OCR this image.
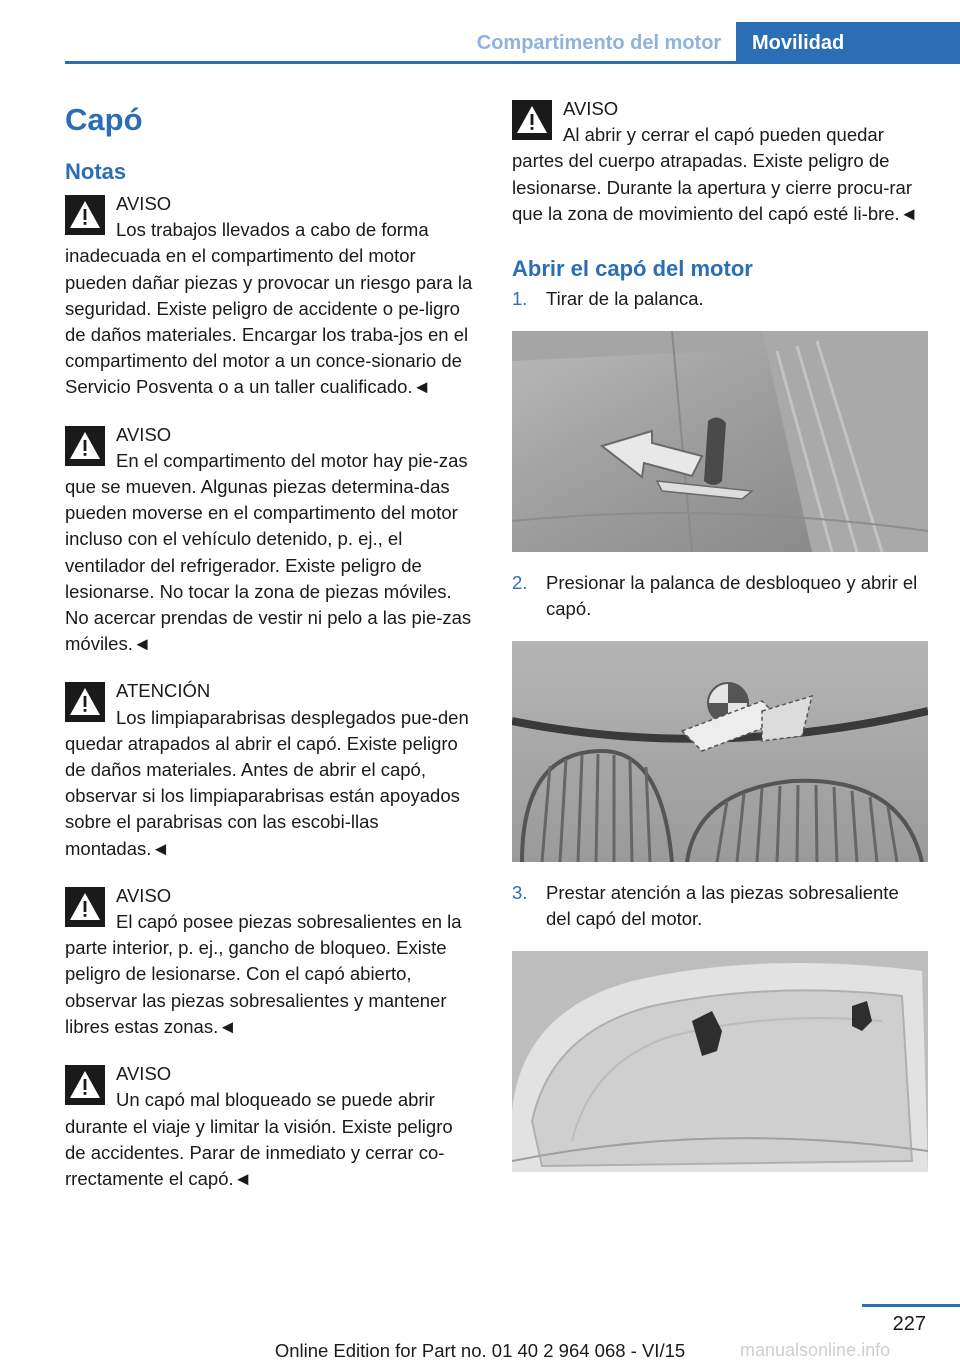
Compartimento del motor	Movilidad
Capó
Notas
AVISO
Los trabajos llevados a cabo de forma inadecuada en el compartimento del motor pueden dañar piezas y provocar un riesgo para la seguridad. Existe peligro de accidente o pe-ligro de daños materiales. Encargar los traba-jos en el compartimento del motor a un conce-sionario de Servicio Posventa o a un taller cualificado.◄
AVISO
En el compartimento del motor hay pie-zas que se mueven. Algunas piezas determina-das pueden moverse en el compartimento del motor incluso con el vehículo detenido, p. ej., el ventilador del refrigerador. Existe peligro de lesionarse. No tocar la zona de piezas móviles. No acercar prendas de vestir ni pelo a las pie-zas móviles.◄
ATENCIÓN
Los limpiaparabrisas desplegados pue-den quedar atrapados al abrir el capó. Existe peligro de daños materiales. Antes de abrir el capó, observar si los limpiaparabrisas están apoyados sobre el parabrisas con las escobi-llas montadas.◄
AVISO
El capó posee piezas sobresalientes en la parte interior, p. ej., gancho de bloqueo. Existe peligro de lesionarse. Con el capó abierto, observar las piezas sobresalientes y mantener libres estas zonas.◄
AVISO
Un capó mal bloqueado se puede abrir durante el viaje y limitar la visión. Existe peligro de accidentes. Parar de inmediato y cerrar co-rrectamente el capó.◄
AVISO
Al abrir y cerrar el capó pueden quedar partes del cuerpo atrapadas. Existe peligro de lesionarse. Durante la apertura y cierre procu-rar que la zona de movimiento del capó esté li-bre.◄
Abrir el capó del motor
1. Tirar de la palanca.
2. Presionar la palanca de desbloqueo y abrir el capó.
3. Prestar atención a las piezas sobresaliente del capó del motor.
227
Online Edition for Part no. 01 40 2 964 068 - VI/15	manualsonline.info
